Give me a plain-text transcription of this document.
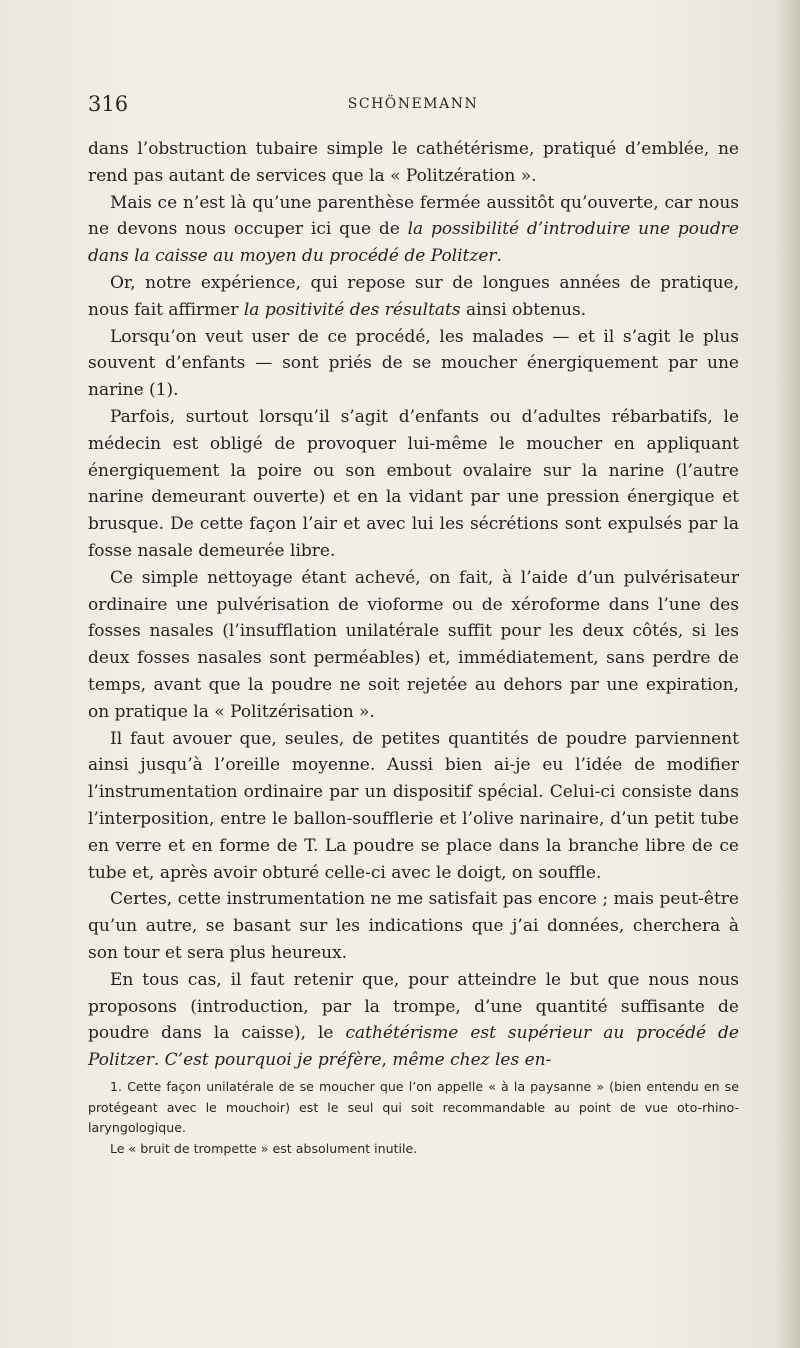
316	SCHÖNEMANN

dans l’obstruction tubaire simple le cathétérisme, pratiqué d’emblée, ne rend pas autant de services que la « Politzération ».

Mais ce n’est là qu’une parenthèse fermée aussitôt qu’ouverte, car nous ne devons nous occuper ici que de la possibilité d’introduire une poudre dans la caisse au moyen du procédé de Politzer.

Or, notre expérience, qui repose sur de longues années de pratique, nous fait affirmer la positivité des résultats ainsi obtenus.

Lorsqu’on veut user de ce procédé, les malades — et il s’agit le plus souvent d’enfants — sont priés de se moucher énergiquement par une narine (1).

Parfois, surtout lorsqu’il s’agit d’enfants ou d’adultes rébarbatifs, le médecin est obligé de provoquer lui-même le moucher en appliquant énergiquement la poire ou son embout ovalaire sur la narine (l’autre narine demeurant ouverte) et en la vidant par une pression énergique et brusque. De cette façon l’air et avec lui les sécrétions sont expulsés par la fosse nasale demeurée libre.

Ce simple nettoyage étant achevé, on fait, à l’aide d’un pulvérisateur ordinaire une pulvérisation de vioforme ou de xéroforme dans l’une des fosses nasales (l’insufflation unilatérale suffit pour les deux côtés, si les deux fosses nasales sont perméables) et, immédiatement, sans perdre de temps, avant que la poudre ne soit rejetée au dehors par une expiration, on pratique la « Politzérisation ».

Il faut avouer que, seules, de petites quantités de poudre parviennent ainsi jusqu’à l’oreille moyenne. Aussi bien ai-je eu l’idée de modifier l’instrumentation ordinaire par un dispositif spécial. Celui-ci consiste dans l’interposition, entre le ballon-soufflerie et l’olive narinaire, d’un petit tube en verre et en forme de T. La poudre se place dans la branche libre de ce tube et, après avoir obturé celle-ci avec le doigt, on souffle.

Certes, cette instrumentation ne me satisfait pas encore ; mais peut-être qu’un autre, se basant sur les indications que j’ai données, cherchera à son tour et sera plus heureux.

En tous cas, il faut retenir que, pour atteindre le but que nous nous proposons (introduction, par la trompe, d’une quantité suffisante de poudre dans la caisse), le cathétérisme est supérieur au procédé de Politzer. C’est pourquoi je préfère, même chez les en-

1. Cette façon unilatérale de se moucher que l’on appelle « à la paysanne » (bien entendu en se protégeant avec le mouchoir) est le seul qui soit recommandable au point de vue oto-rhino-laryngologique.

Le « bruit de trompette » est absolument inutile.
